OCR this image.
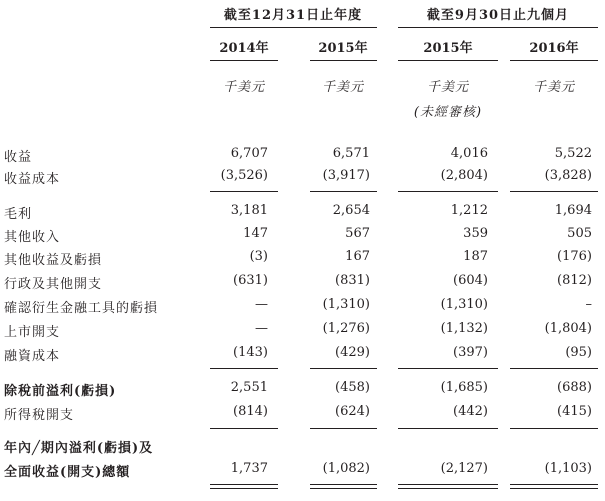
截至12月31日止年度	截至9月30日止九個月
2014年	2015年	2015年	2016年
千美元	千美元	千美元	千美元
(未經審核)
收益	6,707	6,571	4,016	5,522
收益成本	(3,526)	(3,917)	(2,804)	(3,828)
毛利	3,181	2,654	1,212	1,694
其他收入	147	567	359	505
其他收益及虧損	(3)	167	187	(176)
行政及其他開支	(631)	(831)	(604)	(812)
確認衍生金融工具的虧損	—	(1,310)	(1,310)	–
上市開支	—	(1,276)	(1,132)	(1,804)
融資成本	(143)	(429)	(397)	(95)
除稅前溢利(虧損)	2,551	(458)	(1,685)	(688)
所得稅開支	(814)	(624)	(442)	(415)
年內╱期內溢利(虧損)及
全面收益(開支)總額	1,737	(1,082)	(2,127)	(1,103)
